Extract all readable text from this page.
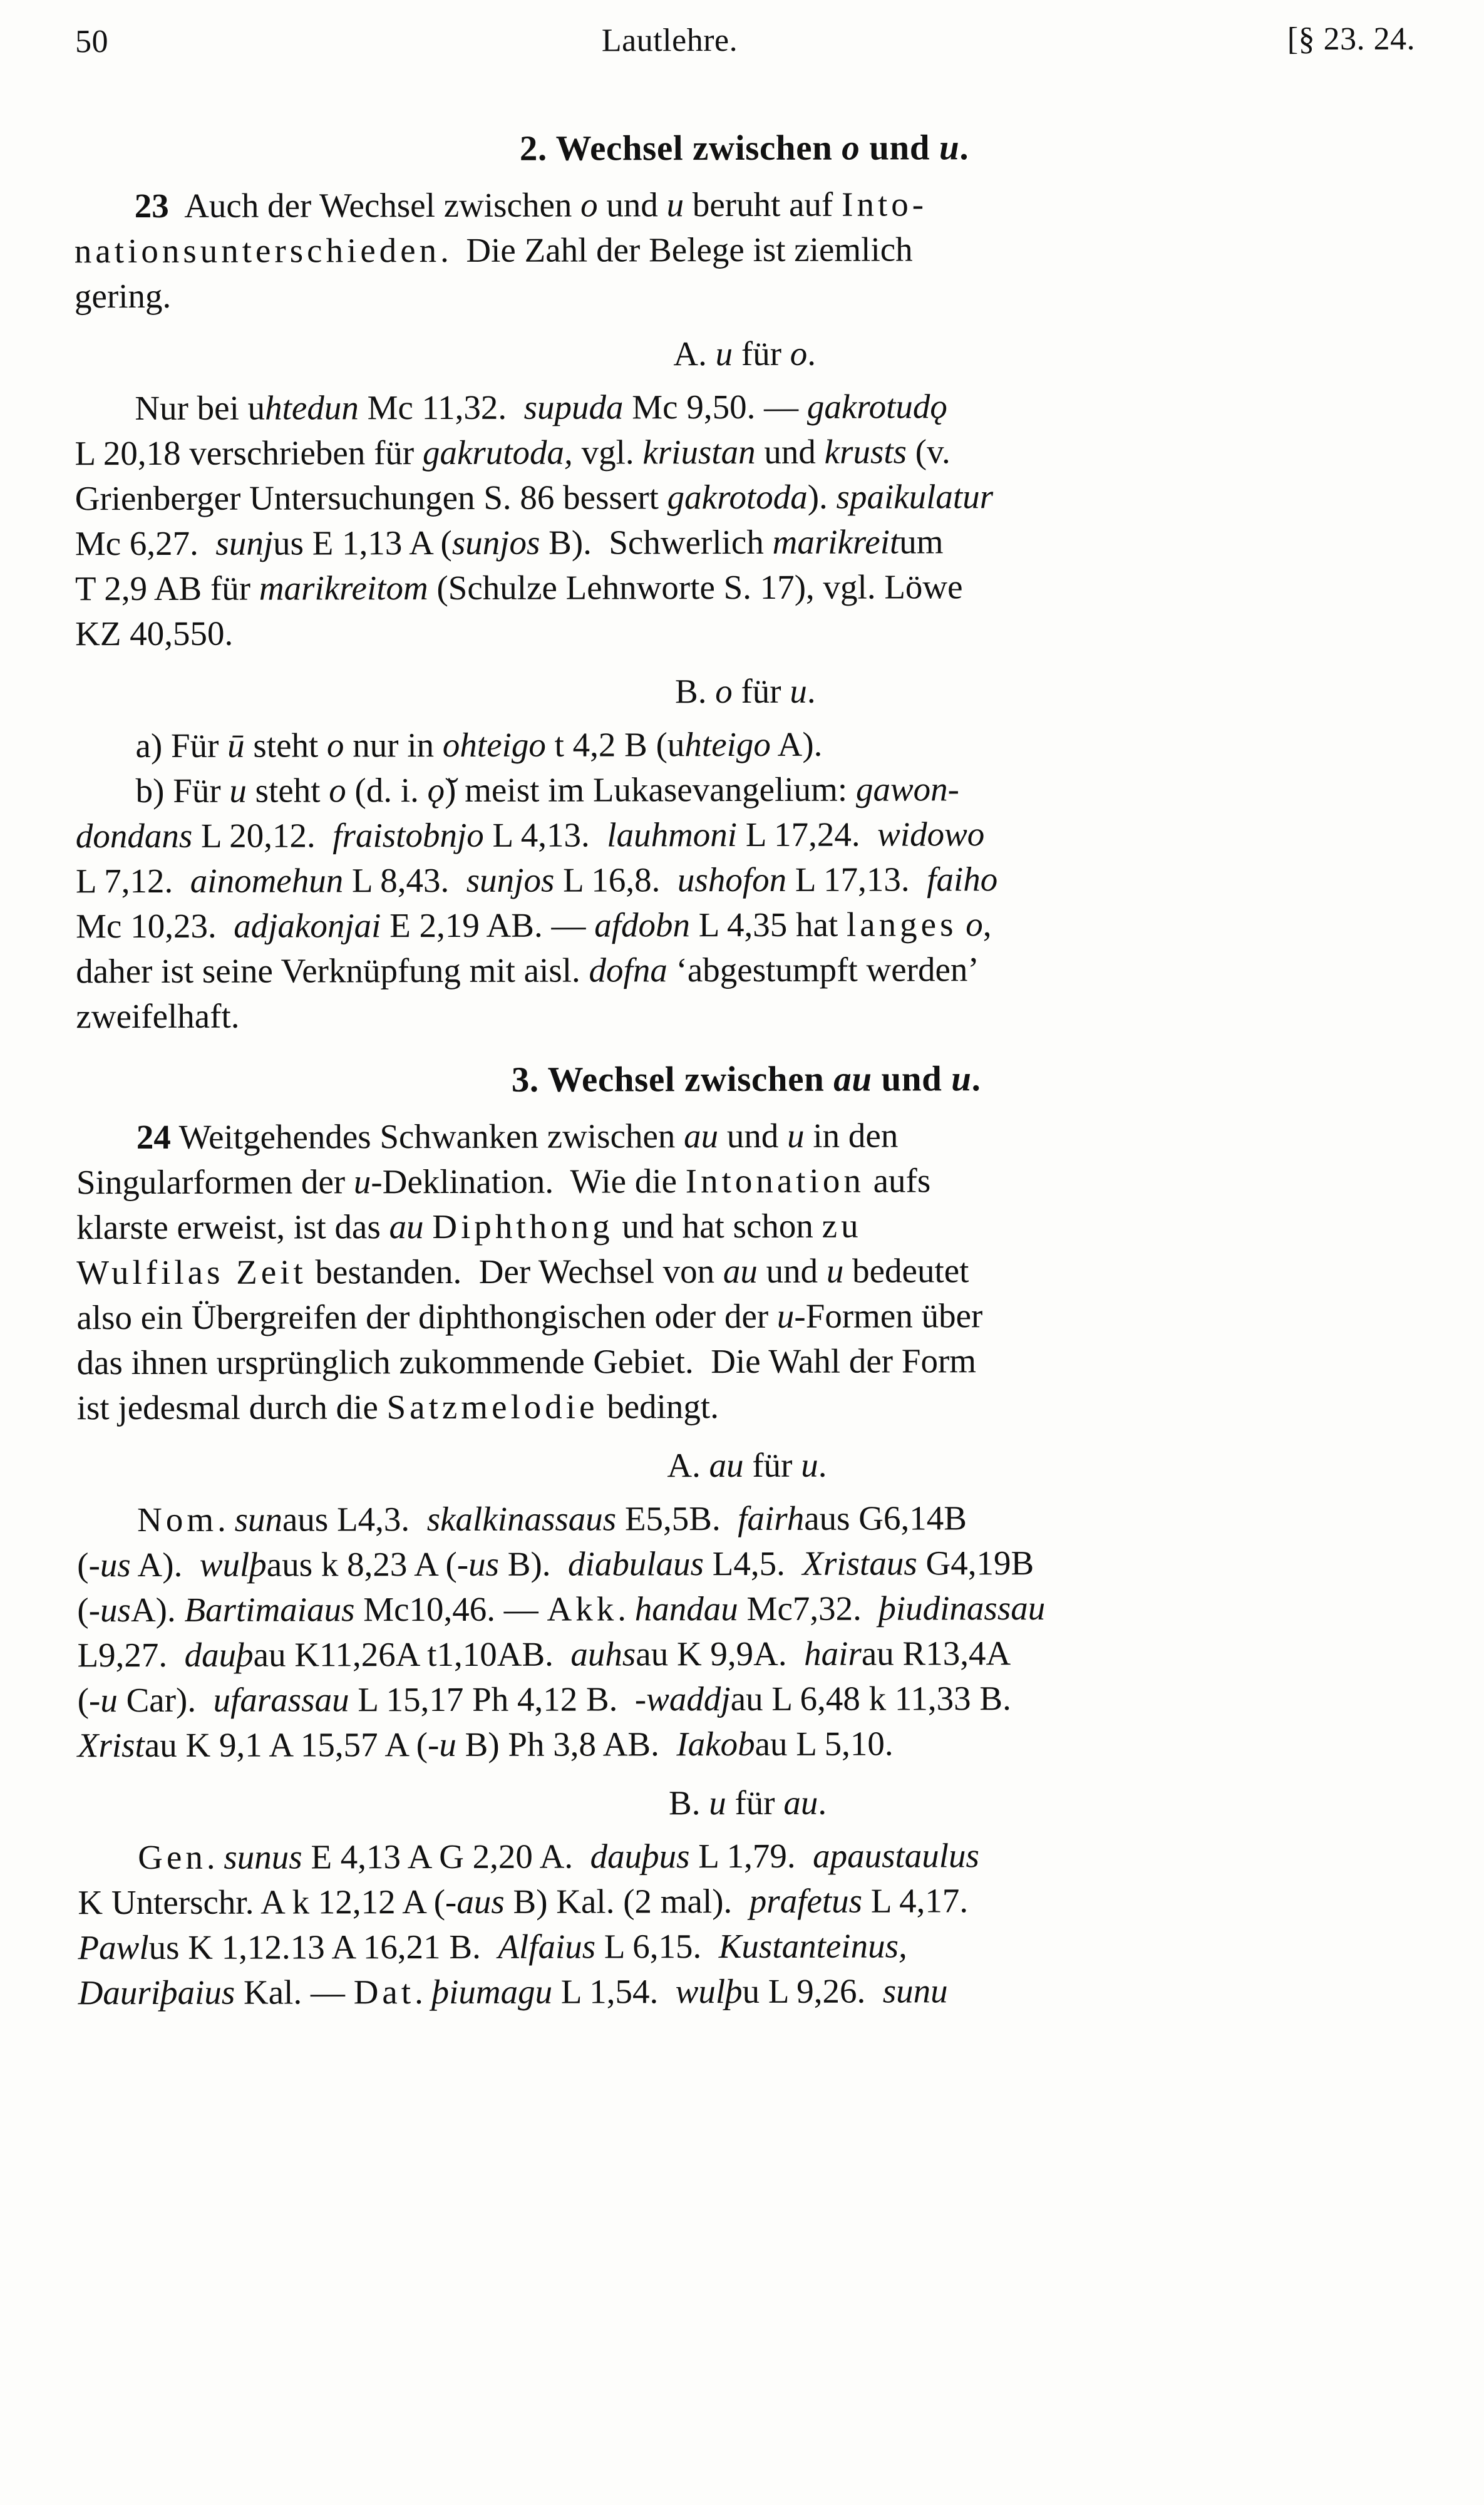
50	Lautlehre.	[§ 23. 24.
2. Wechsel zwischen o und u.
23  Auch der Wechsel zwischen o und u beruht auf Into-
nationsunterschieden.  Die Zahl der Belege ist ziemlich
gering.
A. u für o.
Nur bei uhtedun Mc 11,32.  supuda Mc 9,50. — gakrotudǫ
L 20,18 verschrieben für gakrutoda, vgl. kriustan und krusts (v.
Grienberger Untersuchungen S. 86 bessert gakrotoda). spaikulatur
Mc 6,27.  sunjus E 1,13 A (sunjos B).  Schwerlich marikreitum
T 2,9 AB für marikreitom (Schulze Lehnworte S. 17), vgl. Löwe
KZ 40,550.
B. o für u.
a) Für ū steht o nur in ohteigo t 4,2 B (uhteigo A).
b) Für u steht o (d. i. ǫ̆) meist im Lukasevangelium: gawon-
dondans L 20,12.  fraistobnjo L 4,13.  lauhmoni L 17,24.  widowo
L 7,12.  ainomehun L 8,43.  sunjos L 16,8.  ushofon L 17,13.  faiho
Mc 10,23.  adjakonjai E 2,19 AB. — afdobn L 4,35 hat langes o,
daher ist seine Verknüpfung mit aisl. dofna ‘abgestumpft werden’
zweifelhaft.
3. Wechsel zwischen au und u.
24 Weitgehendes Schwanken zwischen au und u in den
Singularformen der u-Deklination.  Wie die Intonation aufs
klarste erweist, ist das au Diphthong und hat schon zu
Wulfilas Zeit bestanden.  Der Wechsel von au und u bedeutet
also ein Übergreifen der diphthongischen oder der u-Formen über
das ihnen ursprünglich zukommende Gebiet.  Die Wahl der Form
ist jedesmal durch die Satzmelodie bedingt.
A. au für u.
Nom. sunaus L4,3.  skalkinassaus E5,5B.  fairhaus G6,14B
(-us A).  wulþaus k 8,23 A (-us B).  diabulaus L4,5.  Xristaus G4,19B
(-usA). Bartimaiaus Mc10,46. — Akk. handau Mc7,32.  þiudinassau
L9,27.  dauþau K11,26A t1,10AB.  auhsau K 9,9A.  hairau R13,4A
(-u Car).  ufarassau L 15,17 Ph 4,12 B.  -waddjau L 6,48 k 11,33 B.
Xristau K 9,1 A 15,57 A (-u B) Ph 3,8 AB.  Iakobau L 5,10.
B. u für au.
Gen. sunus E 4,13 A G 2,20 A.  dauþus L 1,79.  apaustaulus
K Unterschr. A k 12,12 A (-aus B) Kal. (2 mal).  prafetus L 4,17.
Pawlus K 1,12.13 A 16,21 B.  Alfaius L 6,15.  Kustanteinus,
Dauriþaius Kal. — Dat. þiumagu L 1,54.  wulþu L 9,26.  sunu
